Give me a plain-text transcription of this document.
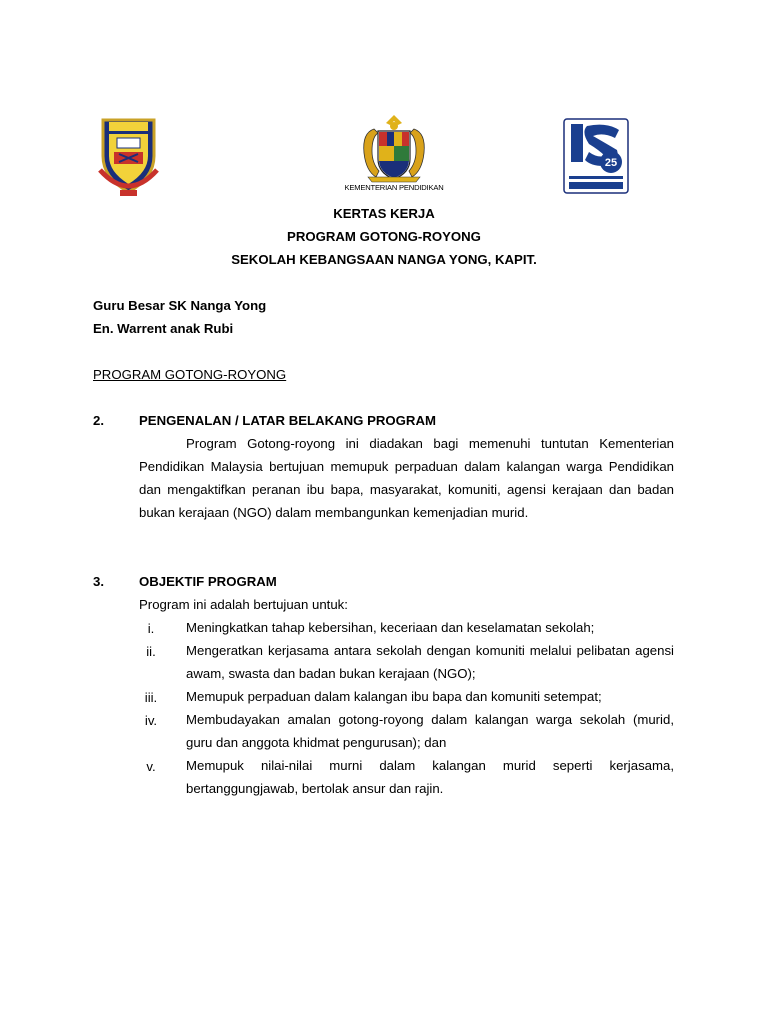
KEMENTERIAN PENDIDIKAN
25
KERTAS KERJA
PROGRAM GOTONG-ROYONG
SEKOLAH KEBANGSAAN NANGA YONG, KAPIT.
Guru Besar SK Nanga Yong
En. Warrent anak Rubi
PROGRAM GOTONG-ROYONG
2.	PENGENALAN / LATAR BELAKANG PROGRAM
Program Gotong-royong ini diadakan bagi memenuhi tuntutan Kementerian Pendidikan Malaysia bertujuan memupuk perpaduan dalam kalangan warga Pendidikan dan mengaktifkan peranan ibu bapa, masyarakat, komuniti, agensi kerajaan dan badan bukan kerajaan (NGO) dalam membangunkan kemenjadian murid.
3.	OBJEKTIF PROGRAM
Program ini adalah bertujuan untuk:
i.	Meningkatkan tahap kebersihan, keceriaan dan keselamatan sekolah;
ii.	Mengeratkan kerjasama antara sekolah dengan komuniti melalui pelibatan agensi awam, swasta dan badan bukan kerajaan (NGO);
iii.	Memupuk perpaduan dalam kalangan ibu bapa dan komuniti setempat;
iv.	Membudayakan amalan gotong-royong dalam kalangan warga sekolah (murid, guru dan anggota khidmat pengurusan); dan
v.	Memupuk nilai-nilai murni dalam kalangan murid seperti kerjasama, bertanggungjawab, bertolak ansur dan rajin.
